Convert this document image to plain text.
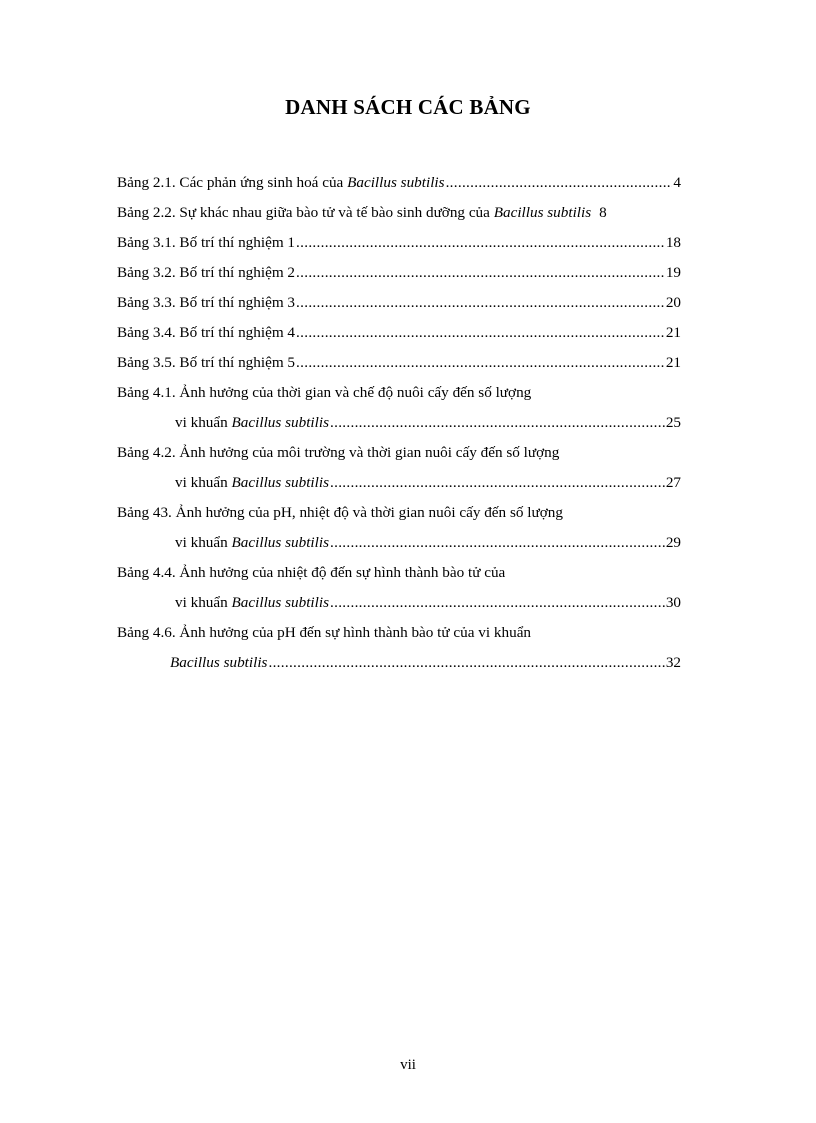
DANH SÁCH CÁC BẢNG
Bảng 2.1. Các phản ứng sinh hoá của Bacillus subtilis .....	4
Bảng 2.2. Sự khác nhau giữa bào tử và tế bào sinh dưỡng của Bacillus subtilis 8
Bảng 3.1. Bố trí thí nghiệm 1 .....	18
Bảng 3.2. Bố trí thí nghiệm 2 .....	19
Bảng 3.3. Bố trí thí nghiệm 3 .....	20
Bảng 3.4. Bố trí thí nghiệm 4 .....	21
Bảng 3.5. Bố trí thí nghiệm 5 .....	21
Bảng 4.1. Ảnh hưởng của thời gian và chế độ nuôi cấy đến số lượng
vi khuẩn Bacillus subtilis .....	25
Bảng 4.2. Ảnh hưởng của môi trường và thời gian nuôi cấy đến số lượng
vi khuẩn Bacillus subtilis .....	27
Bảng 43. Ảnh hưởng của pH, nhiệt độ và thời gian nuôi cấy đến số lượng
vi khuẩn Bacillus subtilis .....	29
Bảng 4.4. Ảnh hưởng của nhiệt độ đến sự hình thành bào tử của
vi khuẩn Bacillus subtilis .....	30
Bảng 4.6. Ảnh hưởng của pH đến sự hình thành bào tử của vi khuẩn
Bacillus subtilis .....	32
vii
